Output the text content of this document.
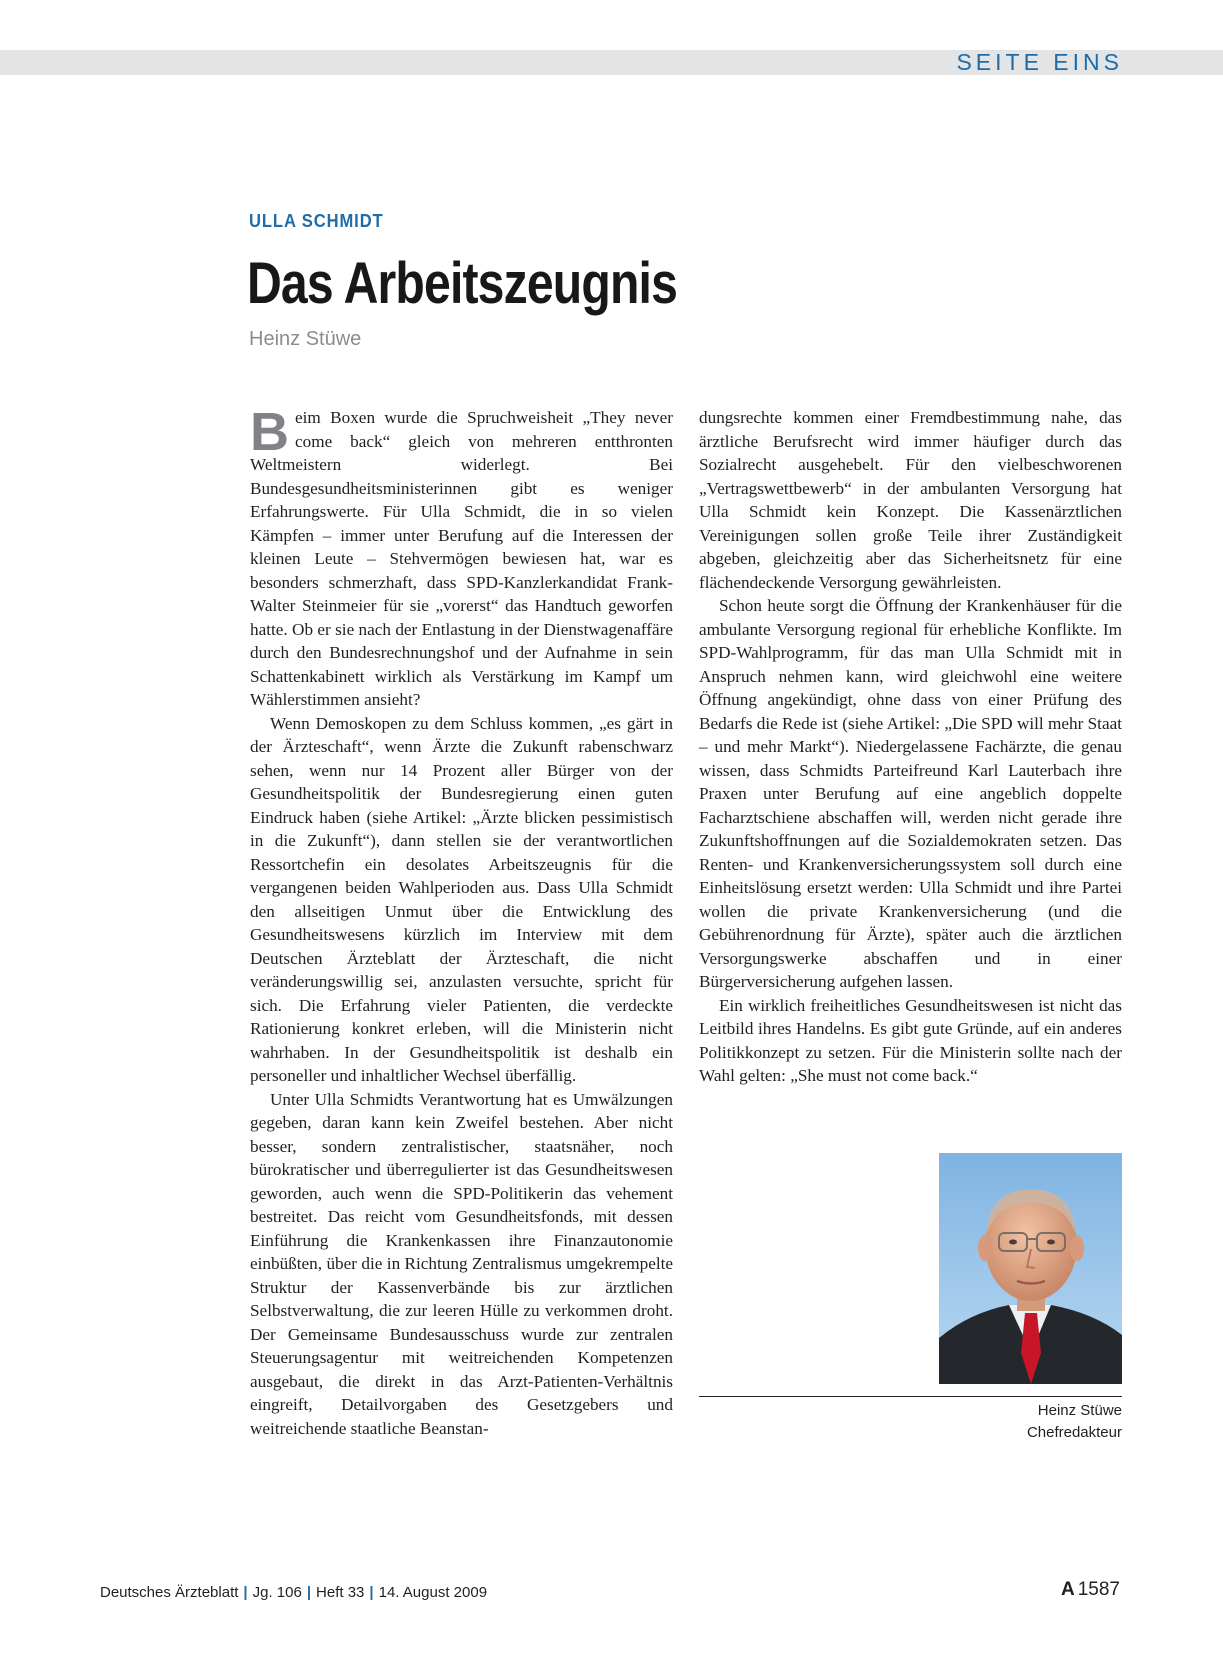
SEITE EINS
ULLA SCHMIDT
Das Arbeitszeugnis
Heinz Stüwe

Beim Boxen wurde die Spruchweisheit „They never come back“ gleich von mehreren entthronten Weltmeistern widerlegt. Bei Bundesgesundheitsministerinnen gibt es weniger Erfahrungswerte. Für Ulla Schmidt, die in so vielen Kämpfen – immer unter Berufung auf die Interessen der kleinen Leute – Stehvermögen bewiesen hat, war es besonders schmerzhaft, dass SPD-Kanzlerkandidat Frank-Walter Steinmeier für sie „vorerst“ das Handtuch geworfen hatte. Ob er sie nach der Entlastung in der Dienstwagenaffäre durch den Bundesrechnungshof und der Aufnahme in sein Schattenkabinett wirklich als Verstärkung im Kampf um Wählerstimmen ansieht?

Wenn Demoskopen zu dem Schluss kommen, „es gärt in der Ärzteschaft“, wenn Ärzte die Zukunft rabenschwarz sehen, wenn nur 14 Prozent aller Bürger von der Gesundheitspolitik der Bundesregierung einen guten Eindruck haben (siehe Artikel: „Ärzte blicken pessimistisch in die Zukunft“), dann stellen sie der verantwortlichen Ressortchefin ein desolates Arbeitszeugnis für die vergangenen beiden Wahlperioden aus. Dass Ulla Schmidt den allseitigen Unmut über die Entwicklung des Gesundheitswesens kürzlich im Interview mit dem Deutschen Ärzteblatt der Ärzteschaft, die nicht veränderungswillig sei, anzulasten versuchte, spricht für sich. Die Erfahrung vieler Patienten, die verdeckte Rationierung konkret erleben, will die Ministerin nicht wahrhaben. In der Gesundheitspolitik ist deshalb ein personeller und inhaltlicher Wechsel überfällig.

Unter Ulla Schmidts Verantwortung hat es Umwälzungen gegeben, daran kann kein Zweifel bestehen. Aber nicht besser, sondern zentralistischer, staatsnäher, noch bürokratischer und überregulierter ist das Gesundheitswesen geworden, auch wenn die SPD-Politikerin das vehement bestreitet. Das reicht vom Gesundheitsfonds, mit dessen Einführung die Krankenkassen ihre Finanzautonomie einbüßten, über die in Richtung Zentralismus umgekrempelte Struktur der Kassenverbände bis zur ärztlichen Selbstverwaltung, die zur leeren Hülle zu verkommen droht. Der Gemeinsame Bundesausschuss wurde zur zentralen Steuerungsagentur mit weitreichenden Kompetenzen ausgebaut, die direkt in das Arzt-Patienten-Verhältnis eingreift, Detailvorgaben des Gesetzgebers und weitreichende staatliche Beanstan-

dungsrechte kommen einer Fremdbestimmung nahe, das ärztliche Berufsrecht wird immer häufiger durch das Sozialrecht ausgehebelt. Für den vielbeschworenen „Vertragswettbewerb“ in der ambulanten Versorgung hat Ulla Schmidt kein Konzept. Die Kassenärztlichen Vereinigungen sollen große Teile ihrer Zuständigkeit abgeben, gleichzeitig aber das Sicherheitsnetz für eine flächendeckende Versorgung gewährleisten.

Schon heute sorgt die Öffnung der Krankenhäuser für die ambulante Versorgung regional für erhebliche Konflikte. Im SPD-Wahlprogramm, für das man Ulla Schmidt mit in Anspruch nehmen kann, wird gleichwohl eine weitere Öffnung angekündigt, ohne dass von einer Prüfung des Bedarfs die Rede ist (siehe Artikel: „Die SPD will mehr Staat – und mehr Markt“). Niedergelassene Fachärzte, die genau wissen, dass Schmidts Parteifreund Karl Lauterbach ihre Praxen unter Berufung auf eine angeblich doppelte Facharztschiene abschaffen will, werden nicht gerade ihre Zukunftshoffnungen auf die Sozialdemokraten setzen. Das Renten- und Krankenversicherungssystem soll durch eine Einheitslösung ersetzt werden: Ulla Schmidt und ihre Partei wollen die private Krankenversicherung (und die Gebührenordnung für Ärzte), später auch die ärztlichen Versorgungswerke abschaffen und in einer Bürgerversicherung aufgehen lassen.

Ein wirklich freiheitliches Gesundheitswesen ist nicht das Leitbild ihres Handelns. Es gibt gute Gründe, auf ein anderes Politikkonzept zu setzen. Für die Ministerin sollte nach der Wahl gelten: „She must not come back.“

Heinz Stüwe
Chefredakteur
Deutsches Ärzteblatt | Jg. 106 | Heft 33 | 14. August 2009	A 1587
